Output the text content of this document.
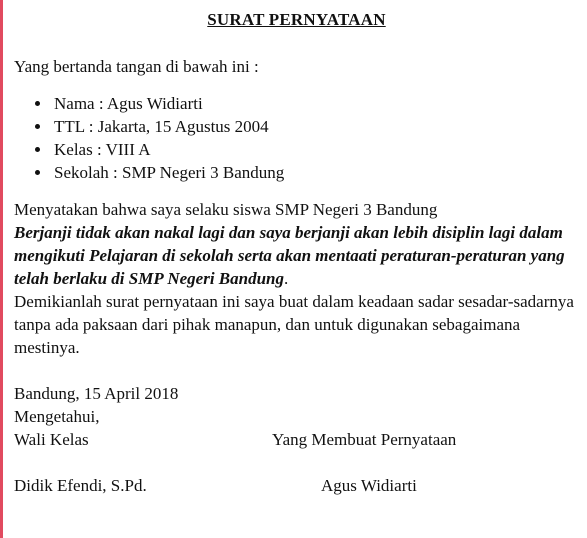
SURAT PERNYATAAN

Yang bertanda tangan di bawah ini :

• Nama : Agus Widiarti
• TTL : Jakarta, 15 Agustus 2004
• Kelas : VIII A
• Sekolah : SMP Negeri 3 Bandung

Menyatakan bahwa saya selaku siswa SMP Negeri 3 Bandung
Berjanji tidak akan nakal lagi dan saya berjanji akan lebih disiplin lagi dalam mengikuti Pelajaran di sekolah serta akan mentaati peraturan-peraturan yang telah berlaku di SMP Negeri Bandung.

Demikianlah surat pernyataan ini saya buat dalam keadaan sadar sesadar-sadarnya tanpa ada paksaan dari pihak manapun, dan untuk digunakan sebagaimana mestinya.

Bandung, 15 April 2018

Mengetahui,

Wali Kelas	Yang Membuat Pernyataan
Didik Efendi, S.Pd.	Agus Widiarti
